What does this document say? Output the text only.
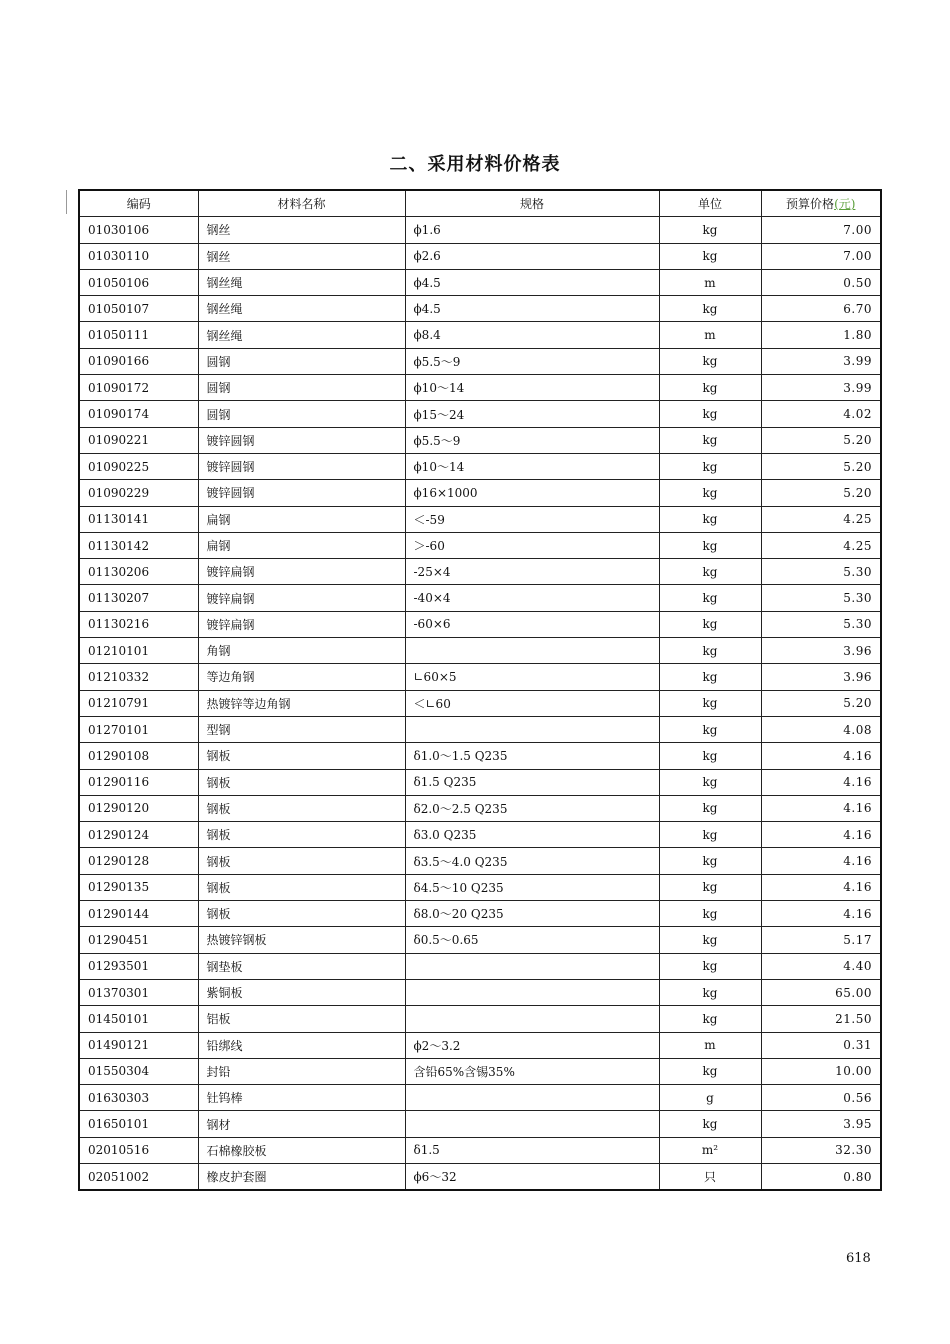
二、采用材料价格表
编码	材料名称	规格	单位	预算价格(元)
01030106	钢丝	ϕ1.6	kg	7.00
01030110	钢丝	ϕ2.6	kg	7.00
01050106	钢丝绳	ϕ4.5	m	0.50
01050107	钢丝绳	ϕ4.5	kg	6.70
01050111	钢丝绳	ϕ8.4	m	1.80
01090166	圆钢	ϕ5.5～9	kg	3.99
01090172	圆钢	ϕ10～14	kg	3.99
01090174	圆钢	ϕ15～24	kg	4.02
01090221	镀锌圆钢	ϕ5.5～9	kg	5.20
01090225	镀锌圆钢	ϕ10～14	kg	5.20
01090229	镀锌圆钢	ϕ16×1000	kg	5.20
01130141	扁钢	＜-59	kg	4.25
01130142	扁钢	＞-60	kg	4.25
01130206	镀锌扁钢	-25×4	kg	5.30
01130207	镀锌扁钢	-40×4	kg	5.30
01130216	镀锌扁钢	-60×6	kg	5.30
01210101	角钢		kg	3.96
01210332	等边角钢	∟60×5	kg	3.96
01210791	热镀锌等边角钢	＜∟60	kg	5.20
01270101	型钢		kg	4.08
01290108	钢板	δ1.0～1.5 Q235	kg	4.16
01290116	钢板	δ1.5 Q235	kg	4.16
01290120	钢板	δ2.0～2.5 Q235	kg	4.16
01290124	钢板	δ3.0 Q235	kg	4.16
01290128	钢板	δ3.5～4.0 Q235	kg	4.16
01290135	钢板	δ4.5～10 Q235	kg	4.16
01290144	钢板	δ8.0～20 Q235	kg	4.16
01290451	热镀锌钢板	δ0.5～0.65	kg	5.17
01293501	钢垫板		kg	4.40
01370301	紫铜板		kg	65.00
01450101	铝板		kg	21.50
01490121	铅绑线	ϕ2～3.2	m	0.31
01550304	封铅	含铅65%含锡35%	kg	10.00
01630303	钍钨棒		g	0.56
01650101	钢材		kg	3.95
02010516	石棉橡胶板	δ1.5	m²	32.30
02051002	橡皮护套圈	ϕ6～32	只	0.80
618
